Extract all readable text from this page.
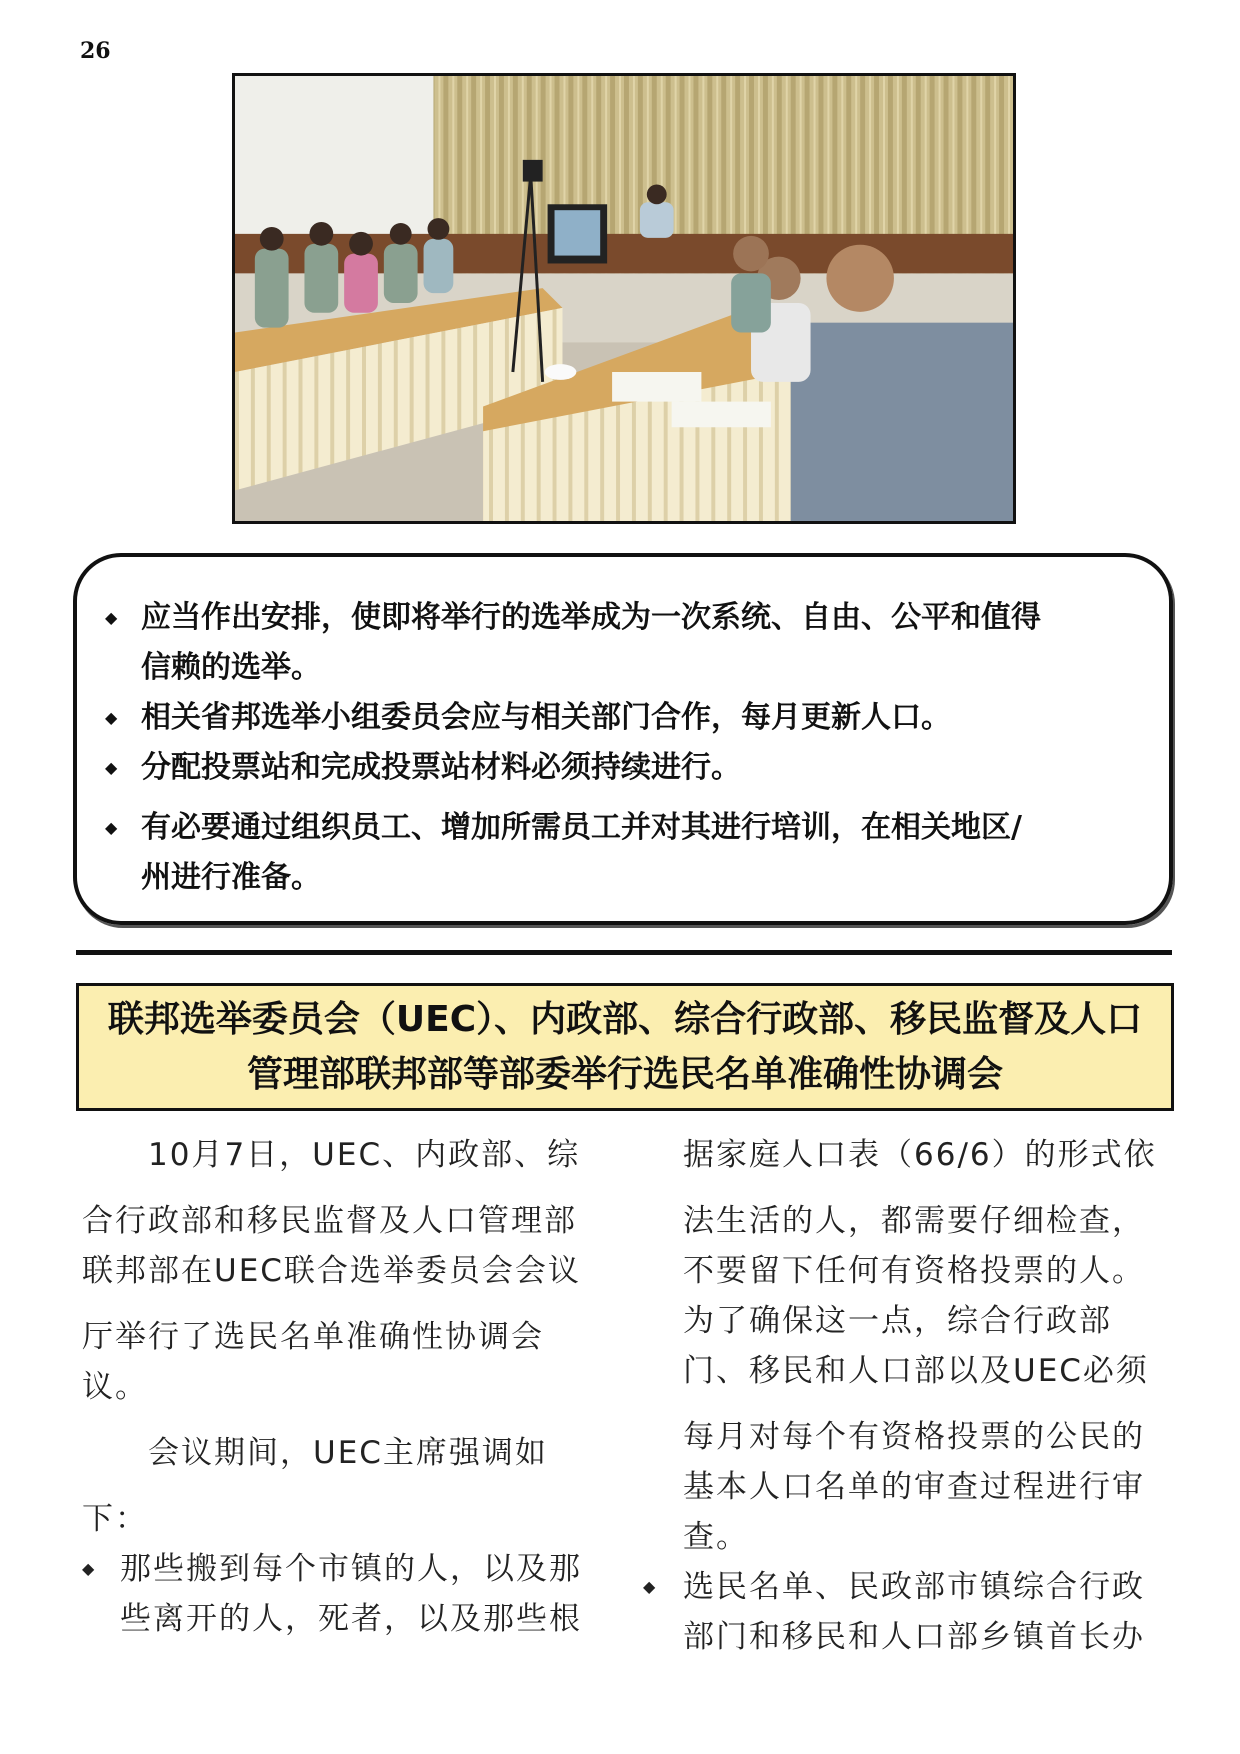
26
◆ 应当作出安排，使即将举行的选举成为一次系统、自由、公平和值得
信赖的选举。
◆ 相关省邦选举小组委员会应与相关部门合作，每月更新人口。
◆ 分配投票站和完成投票站材料必须持续进行。
◆ 有必要通过组织员工、增加所需员工并对其进行培训，在相关地区/
州进行准备。
联邦选举委员会（UEC）、内政部、综合行政部、移民监督及人口
管理部联邦部等部委举行选民名单准确性协调会
　　10月7日，UEC、内政部、综
合行政部和移民监督及人口管理部
联邦部在UEC联合选举委员会会议
厅举行了选民名单准确性协调会
议。
　　会议期间，UEC主席强调如
下：
◆ 那些搬到每个市镇的人，以及那
些离开的人，死者，以及那些根
据家庭人口表（66/6）的形式依
法生活的人，都需要仔细检查，
不要留下任何有资格投票的人。
为了确保这一点，综合行政部
门、移民和人口部以及UEC必须
每月对每个有资格投票的公民的
基本人口名单的审查过程进行审
查。
◆ 选民名单、民政部市镇综合行政
部门和移民和人口部乡镇首长办
